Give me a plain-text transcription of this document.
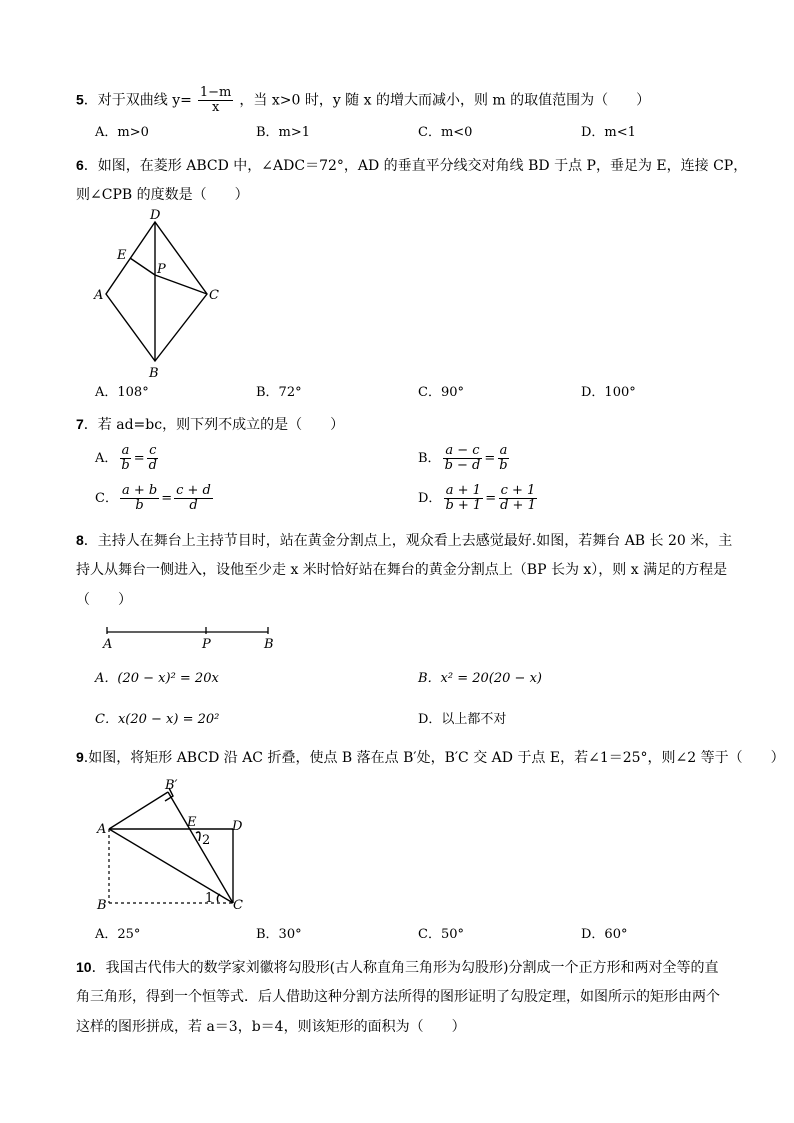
5．对于双曲线 $y= \frac{1-m}{x}$ ，当 x>0 时，y 随 x 的增大而减小，则 m 的取值范围为（　　）
A．m>0	B．m>1	C．m<0	D．m<1
6．如图，在菱形 ABCD 中，∠ADC＝72°，AD 的垂直平分线交对角线 BD 于点 P，垂足为 E，连接 CP，
则∠CPB 的度数是（　　）
D
A	C
B
E
P
A．108°	B．72°	C．90°	D．100°
7．若 ad=bc，则下列不成立的是（　　）
A． $\frac{a}{b} = \frac{c}{d}$	B． $\frac{a - c}{b - d} = \frac{a}{b}$
C． $\frac{a + b}{b} = \frac{c + d}{d}$	D． $\frac{a + 1}{b + 1} = \frac{c + 1}{d + 1}$
8．主持人在舞台上主持节目时，站在黄金分割点上，观众看上去感觉最好.如图，若舞台 AB 长 20 米，主
持人从舞台一侧进入，设他至少走 x 米时恰好站在舞台的黄金分割点上（BP 长为 x），则 x 满足的方程是
（　　）
A	P	B
A．(20 − x)² = 20x	B．x² = 20(20 − x)
C．x(20 − x) = 20²	D．以上都不对
9.如图，将矩形 ABCD 沿 AC 折叠，使点 B 落在点 B′处，B′C 交 AD 于点 E，若∠1＝25°，则∠2 等于（　　）
B′
A	E	D
2
B	C
1
A．25°	B．30°	C．50°	D．60°
10．我国古代伟大的数学家刘徽将勾股形(古人称直角三角形为勾股形)分割成一个正方形和两对全等的直
角三角形，得到一个恒等式．后人借助这种分割方法所得的图形证明了勾股定理，如图所示的矩形由两个
这样的图形拼成，若 a＝3，b＝4，则该矩形的面积为（　　）
